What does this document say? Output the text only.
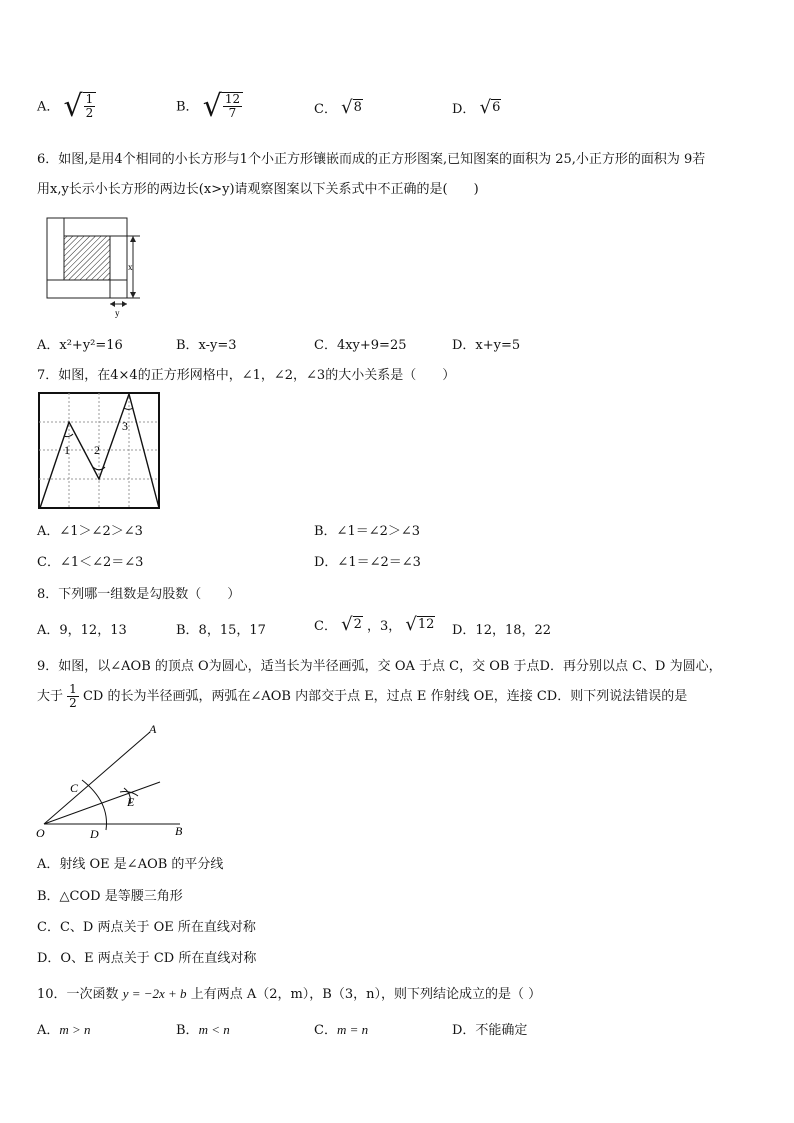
A． √ $\frac{1}{2}$	B． √ $\frac{12}{7}$	C． √ 8	D． √ 6
6．如图,是用4个相同的小长方形与1个小正方形镶嵌而成的正方形图案,已知图案的面积为 25,小正方形的面积为 9若
用x,y长示小长方形的两边长(x>y)请观察图案以下关系式中不正确的是(　　)
x
y
A．x²+y²=16	B．x-y=3	C．4xy+9=25	D．x+y=5
7．如图，在4×4的正方形网格中，∠1，∠2，∠3的大小关系是（　　）
1 2
3
A．∠1＞∠2＞∠3	B．∠1＝∠2＞∠3
C．∠1＜∠2＝∠3	D．∠1＝∠2＝∠3
8．下列哪一组数是勾股数（　　）
A．9，12，13	B．8，15，17	C． √ 2 ，3， √ 12 D．12，18，22
9．如图，以∠AOB 的顶点 O为圆心，适当长为半径画弧，交 OA 于点 C，交 OB 于点D．再分别以点 C、D 为圆心，
大于 $\frac{1}{2}$ CD 的长为半径画弧，两弧在∠AOB 内部交于点 E，过点 E 作射线 OE，连接 CD．则下列说法错误的是
A
B
C
D
E
O
A．射线 OE 是∠AOB 的平分线
B．△COD 是等腰三角形
C．C、D 两点关于 OE 所在直线对称
D．O、E 两点关于 CD 所在直线对称
10．一次函数 y = −2x + b 上有两点 A（2，m），B（3，n），则下列结论成立的是（ ）
A．m > n	B．m < n	C．m = n	D．不能确定
